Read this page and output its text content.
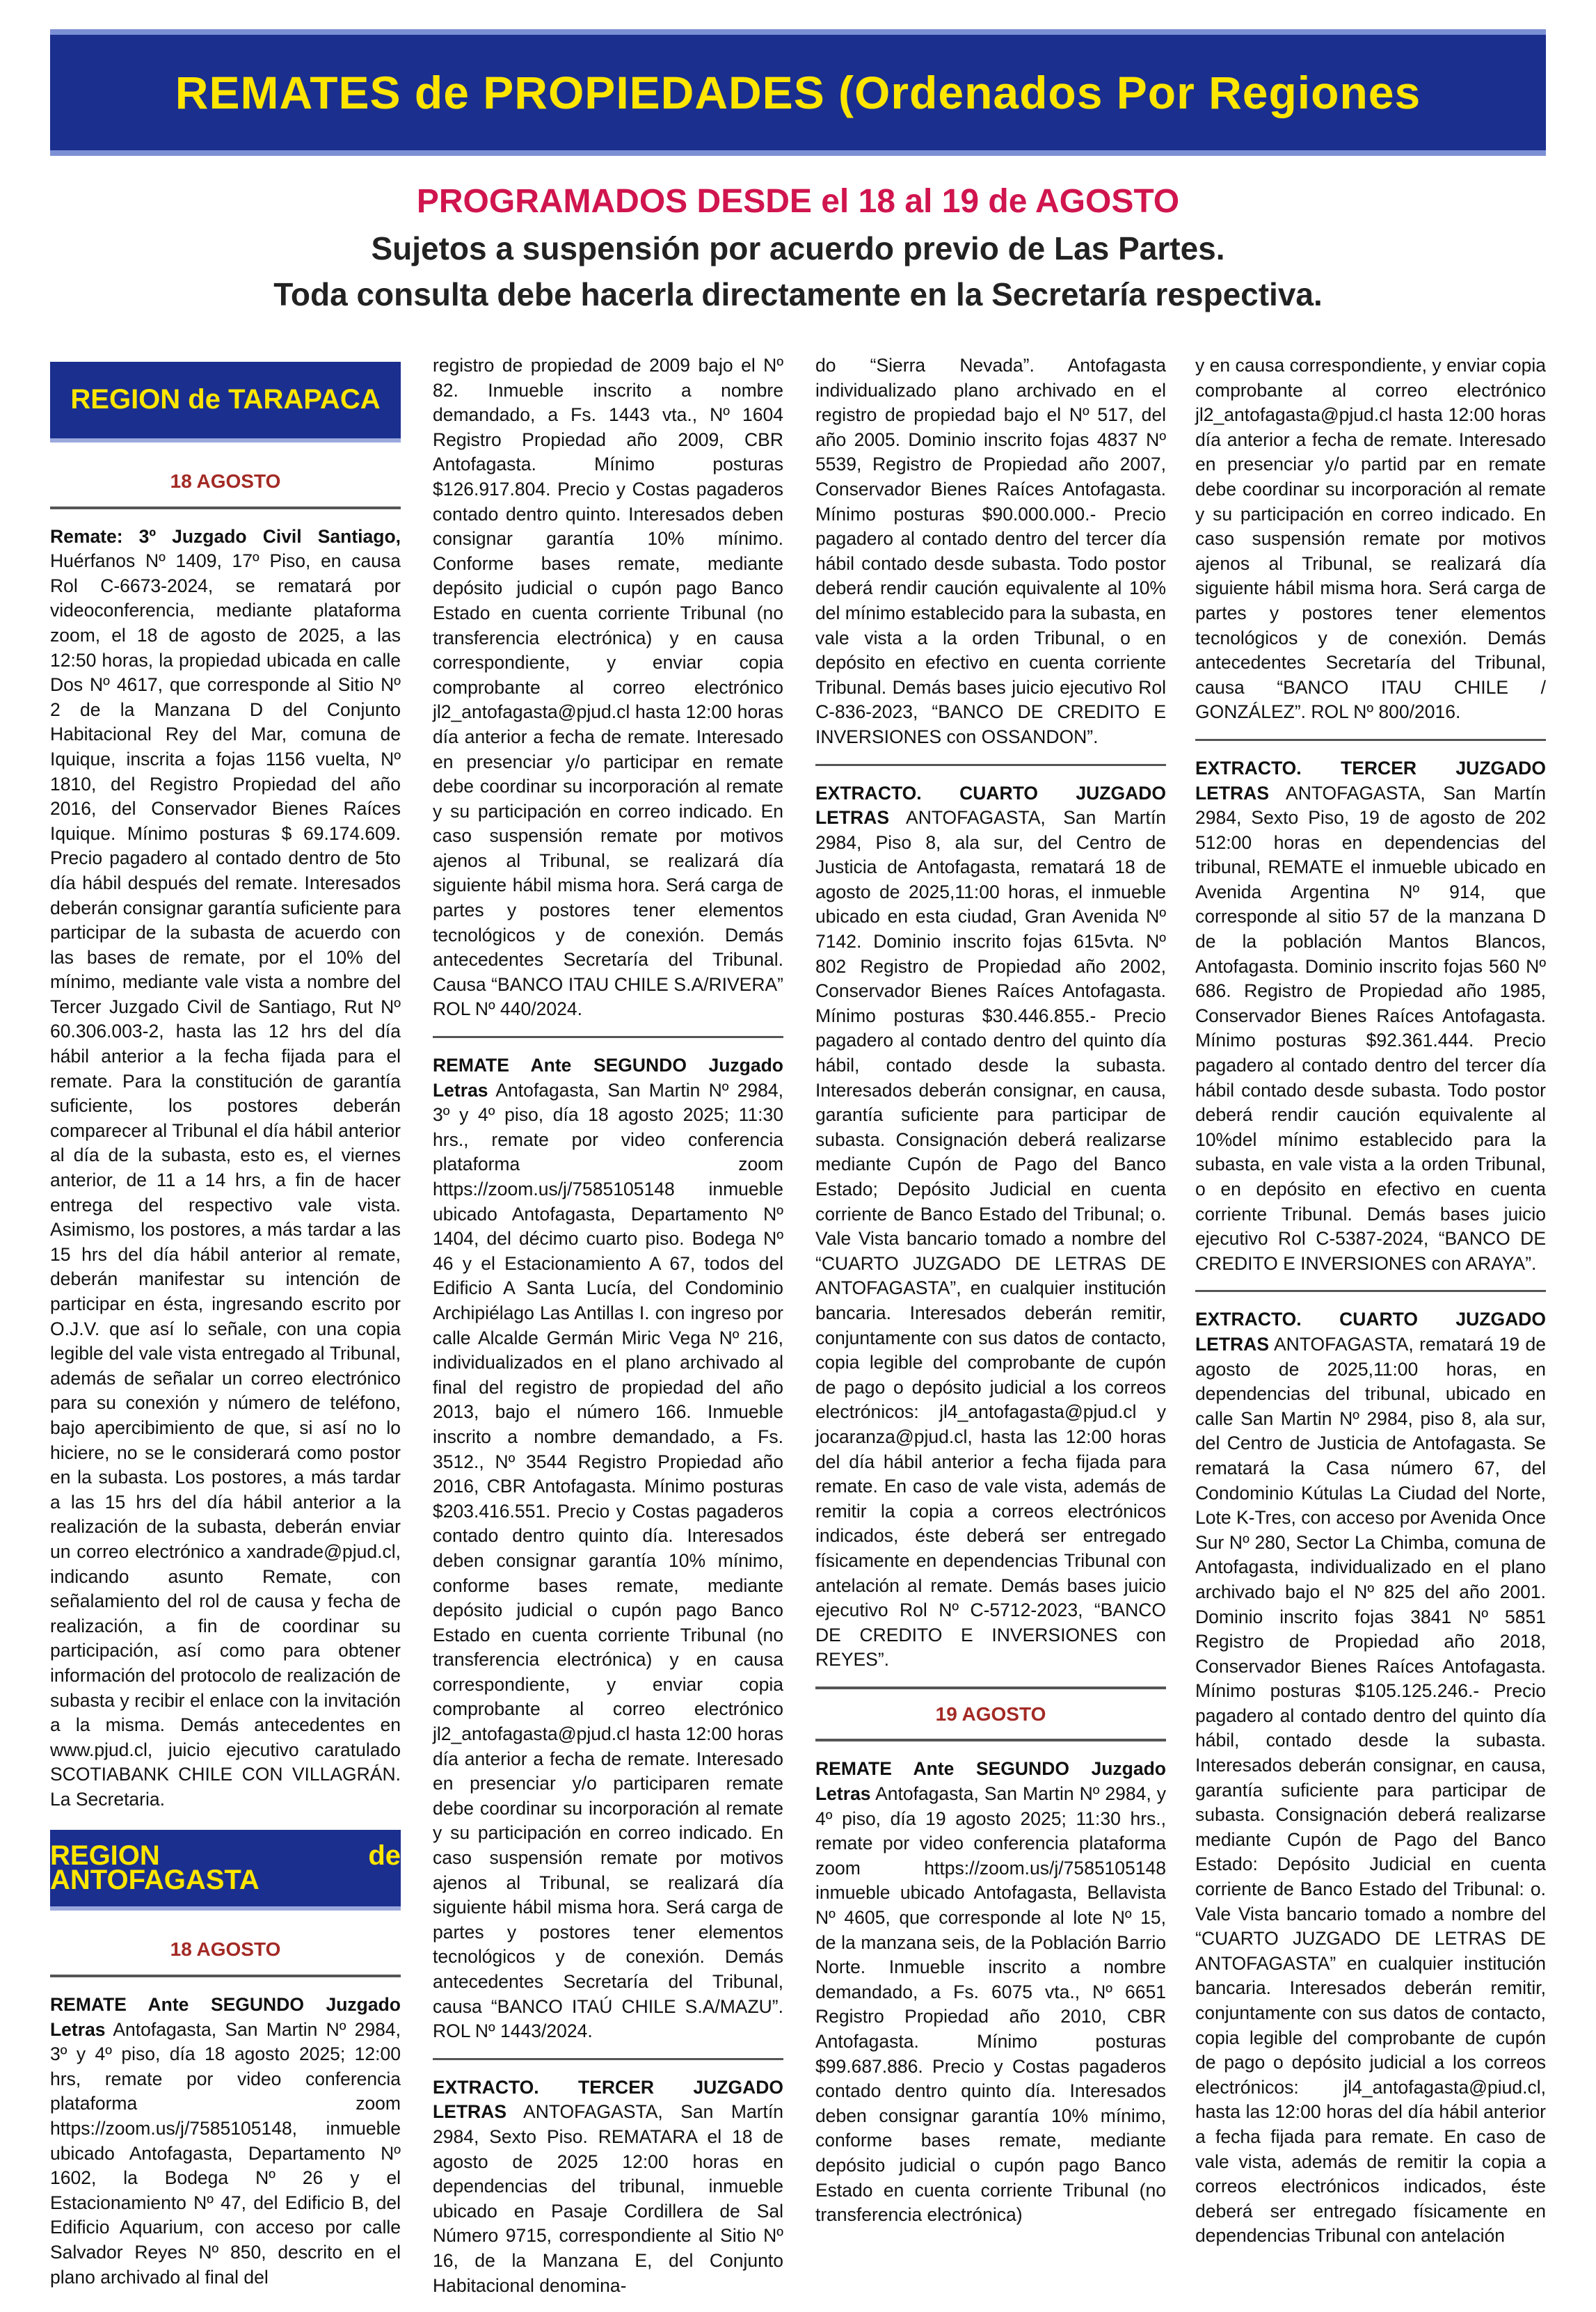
REMATES de PROPIEDADES (Ordenados Por Regiones
PROGRAMADOS DESDE el 18 al 19 de AGOSTO
Sujetos a suspensión por acuerdo previo de Las Partes.
Toda consulta debe hacerla directamente en la Secretaría respectiva.
REGION de TARAPACA
18 AGOSTO

Remate: 3º Juzgado Civil Santiago, Huérfanos Nº 1409, 17º Piso, en causa Rol C-6673-2024, se rematará por videoconferencia, mediante plataforma zoom, el 18 de agosto de 2025, a las 12:50 horas, la propiedad ubicada en calle Dos Nº 4617, que corresponde al Sitio Nº 2 de la Manzana D del Conjunto Habitacional Rey del Mar, comuna de Iquique, inscrita a fojas 1156 vuelta, Nº 1810, del Registro Propiedad del año 2016, del Conservador Bienes Raíces Iquique. Mínimo posturas $ 69.174.609. Precio pagadero al contado dentro de 5to día hábil después del remate. Interesados deberán consignar garantía suficiente para participar de la subasta de acuerdo con las bases de remate, por el 10% del mínimo, mediante vale vista a nombre del Tercer Juzgado Civil de Santiago, Rut Nº 60.306.003-2, hasta las 12 hrs del día hábil anterior a la fecha fijada para el remate. Para la constitución de garantía suficiente, los postores deberán comparecer al Tribunal el día hábil anterior al día de la subasta, esto es, el viernes anterior, de 11 a 14 hrs, a fin de hacer entrega del respectivo vale vista. Asimismo, los postores, a más tardar a las 15 hrs del día hábil anterior al remate, deberán manifestar su intención de participar en ésta, ingresando escrito por O.J.V. que así lo señale, con una copia legible del vale vista entregado al Tribunal, además de señalar un correo electrónico para su conexión y número de teléfono, bajo apercibimiento de que, si así no lo hiciere, no se le considerará como postor en la subasta. Los postores, a más tardar a las 15 hrs del día hábil anterior a la realización de la subasta, deberán enviar un correo electrónico a xandrade@pjud.cl, indicando asunto Remate, con señalamiento del rol de causa y fecha de realización, a fin de coordinar su participación, así como para obtener información del protocolo de realización de subasta y recibir el enlace con la invitación a la misma. Demás antecedentes en www.pjud.cl, juicio ejecutivo caratulado SCOTIABANK CHILE CON VILLAGRÁN. La Secretaria.

REGION de ANTOFAGASTA
18 AGOSTO

REMATE Ante SEGUNDO Juzgado Letras Antofagasta, San Martin Nº 2984, 3º y 4º piso, día 18 agosto 2025; 12:00 hrs, remate por video conferencia plataforma zoom https://zoom.us/j/7585105148, inmueble ubicado Antofagasta, Departamento Nº 1602, la Bodega Nº 26 y el Estacionamiento Nº 47, del Edificio B, del Edificio Aquarium, con acceso por calle Salvador Reyes Nº 850, descrito en el plano archivado al final del

registro de propiedad de 2009 bajo el Nº 82. Inmueble inscrito a nombre demandado, a Fs. 1443 vta., Nº 1604 Registro Propiedad año 2009, CBR Antofagasta. Mínimo posturas $126.917.804. Precio y Costas pagaderos contado dentro quinto. Interesados deben consignar garantía 10% mínimo. Conforme bases remate, mediante depósito judicial o cupón pago Banco Estado en cuenta corriente Tribunal (no transferencia electrónica) y en causa correspondiente, y enviar copia comprobante al correo electrónico jl2_antofagasta@pjud.cl hasta 12:00 horas día anterior a fecha de remate. Interesado en presenciar y/o participar en remate debe coordinar su incorporación al remate y su participación en correo indicado. En caso suspensión remate por motivos ajenos al Tribunal, se realizará día siguiente hábil misma hora. Será carga de partes y postores tener elementos tecnológicos y de conexión. Demás antecedentes Secretaría del Tribunal. Causa “BANCO ITAU CHILE S.A/RIVERA” ROL Nº 440/2024.

REMATE Ante SEGUNDO Juzgado Letras Antofagasta, San Martin Nº 2984, 3º y 4º piso, día 18 agosto 2025; 11:30 hrs., remate por video conferencia plataforma zoom https://zoom.us/j/7585105148 inmueble ubicado Antofagasta, Departamento Nº 1404, del décimo cuarto piso. Bodega Nº 46 y el Estacionamiento A 67, todos del Edificio A Santa Lucía, del Condominio Archipiélago Las Antillas I. con ingreso por calle Alcalde Germán Miric Vega Nº 216, individualizados en el plano archivado al final del registro de propiedad del año 2013, bajo el número 166. Inmueble inscrito a nombre demandado, a Fs. 3512., Nº 3544 Registro Propiedad año 2016, CBR Antofagasta. Mínimo posturas $203.416.551. Precio y Costas pagaderos contado dentro quinto día. Interesados deben consignar garantía 10% mínimo, conforme bases remate, mediante depósito judicial o cupón pago Banco Estado en cuenta corriente Tribunal (no transferencia electrónica) y en causa correspondiente, y enviar copia comprobante al correo electrónico jl2_antofagasta@pjud.cl hasta 12:00 horas día anterior a fecha de remate. Interesado en presenciar y/o participaren remate debe coordinar su incorporación al remate y su participación en correo indicado. En caso suspensión remate por motivos ajenos al Tribunal, se realizará día siguiente hábil misma hora. Será carga de partes y postores tener elementos tecnológicos y de conexión. Demás antecedentes Secretaría del Tribunal, causa “BANCO ITAÚ CHILE S.A/MAZU”. ROL Nº 1443/2024.

EXTRACTO. TERCER JUZGADO LETRAS ANTOFAGASTA, San Martín 2984, Sexto Piso. REMATARA el 18 de agosto de 2025 12:00 horas en dependencias del tribunal, inmueble ubicado en Pasaje Cordillera de Sal Número 9715, correspondiente al Sitio Nº 16, de la Manzana E, del Conjunto Habitacional denomina-

do “Sierra Nevada”. Antofagasta individualizado plano archivado en el registro de propiedad bajo el Nº 517, del año 2005. Dominio inscrito fojas 4837 Nº 5539, Registro de Propiedad año 2007, Conservador Bienes Raíces Antofagasta. Mínimo posturas $90.000.000.- Precio pagadero al contado dentro del tercer día hábil contado desde subasta. Todo postor deberá rendir caución equivalente al 10% del mínimo establecido para la subasta, en vale vista a la orden Tribunal, o en depósito en efectivo en cuenta corriente Tribunal. Demás bases juicio ejecutivo Rol C-836-2023, “BANCO DE CREDITO E INVERSIONES con OSSANDON”.

EXTRACTO. CUARTO JUZGADO LETRAS ANTOFAGASTA, San Martín 2984, Piso 8, ala sur, del Centro de Justicia de Antofagasta, rematará 18 de agosto de 2025,11:00 horas, el inmueble ubicado en esta ciudad, Gran Avenida Nº 7142. Dominio inscrito fojas 615vta. Nº 802 Registro de Propiedad año 2002, Conservador Bienes Raíces Antofagasta. Mínimo posturas $30.446.855.- Precio pagadero al contado dentro del quinto día hábil, contado desde la subasta. Interesados deberán consignar, en causa, garantía suficiente para participar de subasta. Consignación deberá realizarse mediante Cupón de Pago del Banco Estado; Depósito Judicial en cuenta corriente de Banco Estado del Tribunal; o. Vale Vista bancario tomado a nombre del “CUARTO JUZGADO DE LETRAS DE ANTOFAGASTA”, en cualquier institución bancaria. Interesados deberán remitir, conjuntamente con sus datos de contacto, copia legible del comprobante de cupón de pago o depósito judicial a los correos electrónicos: jl4_antofagasta@pjud.cl y jocaranza@pjud.cl, hasta las 12:00 horas del día hábil anterior a fecha fijada para remate. En caso de vale vista, además de remitir la copia a correos electrónicos indicados, éste deberá ser entregado físicamente en dependencias Tribunal con antelación aI remate. Demás bases juicio ejecutivo Rol Nº C-5712-2023, “BANCO DE CREDITO E INVERSIONES con REYES”.

19 AGOSTO

REMATE Ante SEGUNDO Juzgado Letras Antofagasta, San Martin Nº 2984, y 4º piso, día 19 agosto 2025; 11:30 hrs., remate por video conferencia plataforma zoom https://zoom.us/j/7585105148 inmueble ubicado Antofagasta, Bellavista Nº 4605, que corresponde al lote Nº 15, de la manzana seis, de la Población Barrio Norte. Inmueble inscrito a nombre demandado, a Fs. 6075 vta., Nº 6651 Registro Propiedad año 2010, CBR Antofagasta. Mínimo posturas $99.687.886. Precio y Costas pagaderos contado dentro quinto día. Interesados deben consignar garantía 10% mínimo, conforme bases remate, mediante depósito judicial o cupón pago Banco Estado en cuenta corriente Tribunal (no transferencia electrónica)

y en causa correspondiente, y enviar copia comprobante al correo electrónico jl2_antofagasta@pjud.cl hasta 12:00 horas día anterior a fecha de remate. Interesado en presenciar y/o partid par en remate debe coordinar su incorporación al remate y su participación en correo indicado. En caso suspensión remate por motivos ajenos al Tribunal, se realizará día siguiente hábil misma hora. Será carga de partes y postores tener elementos tecnológicos y de conexión. Demás antecedentes Secretaría del Tribunal, causa “BANCO ITAU CHILE / GONZÁLEZ”. ROL Nº 800/2016.

EXTRACTO. TERCER JUZGADO LETRAS ANTOFAGASTA, San Martín 2984, Sexto Piso, 19 de agosto de 202 512:00 horas en dependencias del tribunal, REMATE el inmueble ubicado en Avenida Argentina Nº 914, que corresponde al sitio 57 de la manzana D de la población Mantos Blancos, Antofagasta. Dominio inscrito fojas 560 Nº 686. Registro de Propiedad año 1985, Conservador Bienes Raíces Antofagasta. Mínimo posturas $92.361.444. Precio pagadero al contado dentro del tercer día hábil contado desde subasta. Todo postor deberá rendir caución equivalente al 10%del mínimo establecido para la subasta, en vale vista a la orden Tribunal, o en depósito en efectivo en cuenta corriente Tribunal. Demás bases juicio ejecutivo Rol C-5387-2024, “BANCO DE CREDITO E INVERSIONES con ARAYA”.

EXTRACTO. CUARTO JUZGADO LETRAS ANTOFAGASTA, rematará 19 de agosto de 2025,11:00 horas, en dependencias del tribunal, ubicado en calle San Martin Nº 2984, piso 8, ala sur, del Centro de Justicia de Antofagasta. Se rematará la Casa número 67, del Condominio Kútulas La Ciudad del Norte, Lote K-Tres, con acceso por Avenida Once Sur Nº 280, Sector La Chimba, comuna de Antofagasta, individualizado en el plano archivado bajo el Nº 825 del año 2001. Dominio inscrito fojas 3841 Nº 5851 Registro de Propiedad año 2018, Conservador Bienes Raíces Antofagasta. Mínimo posturas $105.125.246.- Precio pagadero al contado dentro del quinto día hábil, contado desde la subasta. Interesados deberán consignar, en causa, garantía suficiente para participar de subasta. Consignación deberá realizarse mediante Cupón de Pago del Banco Estado: Depósito Judicial en cuenta corriente de Banco Estado del Tribunal: o. Vale Vista bancario tomado a nombre del “CUARTO JUZGADO DE LETRAS DE ANTOFAGASTA” en cualquier institución bancaria. Interesados deberán remitir, conjuntamente con sus datos de contacto, copia legible del comprobante de cupón de pago o depósito judicial a los correos electrónicos: jl4_antofagasta@piud.cl, hasta las 12:00 horas del día hábil anterior a fecha fijada para remate. En caso de vale vista, además de remitir la copia a correos electrónicos indicados, éste deberá ser entregado físicamente en dependencias Tribunal con antelación
